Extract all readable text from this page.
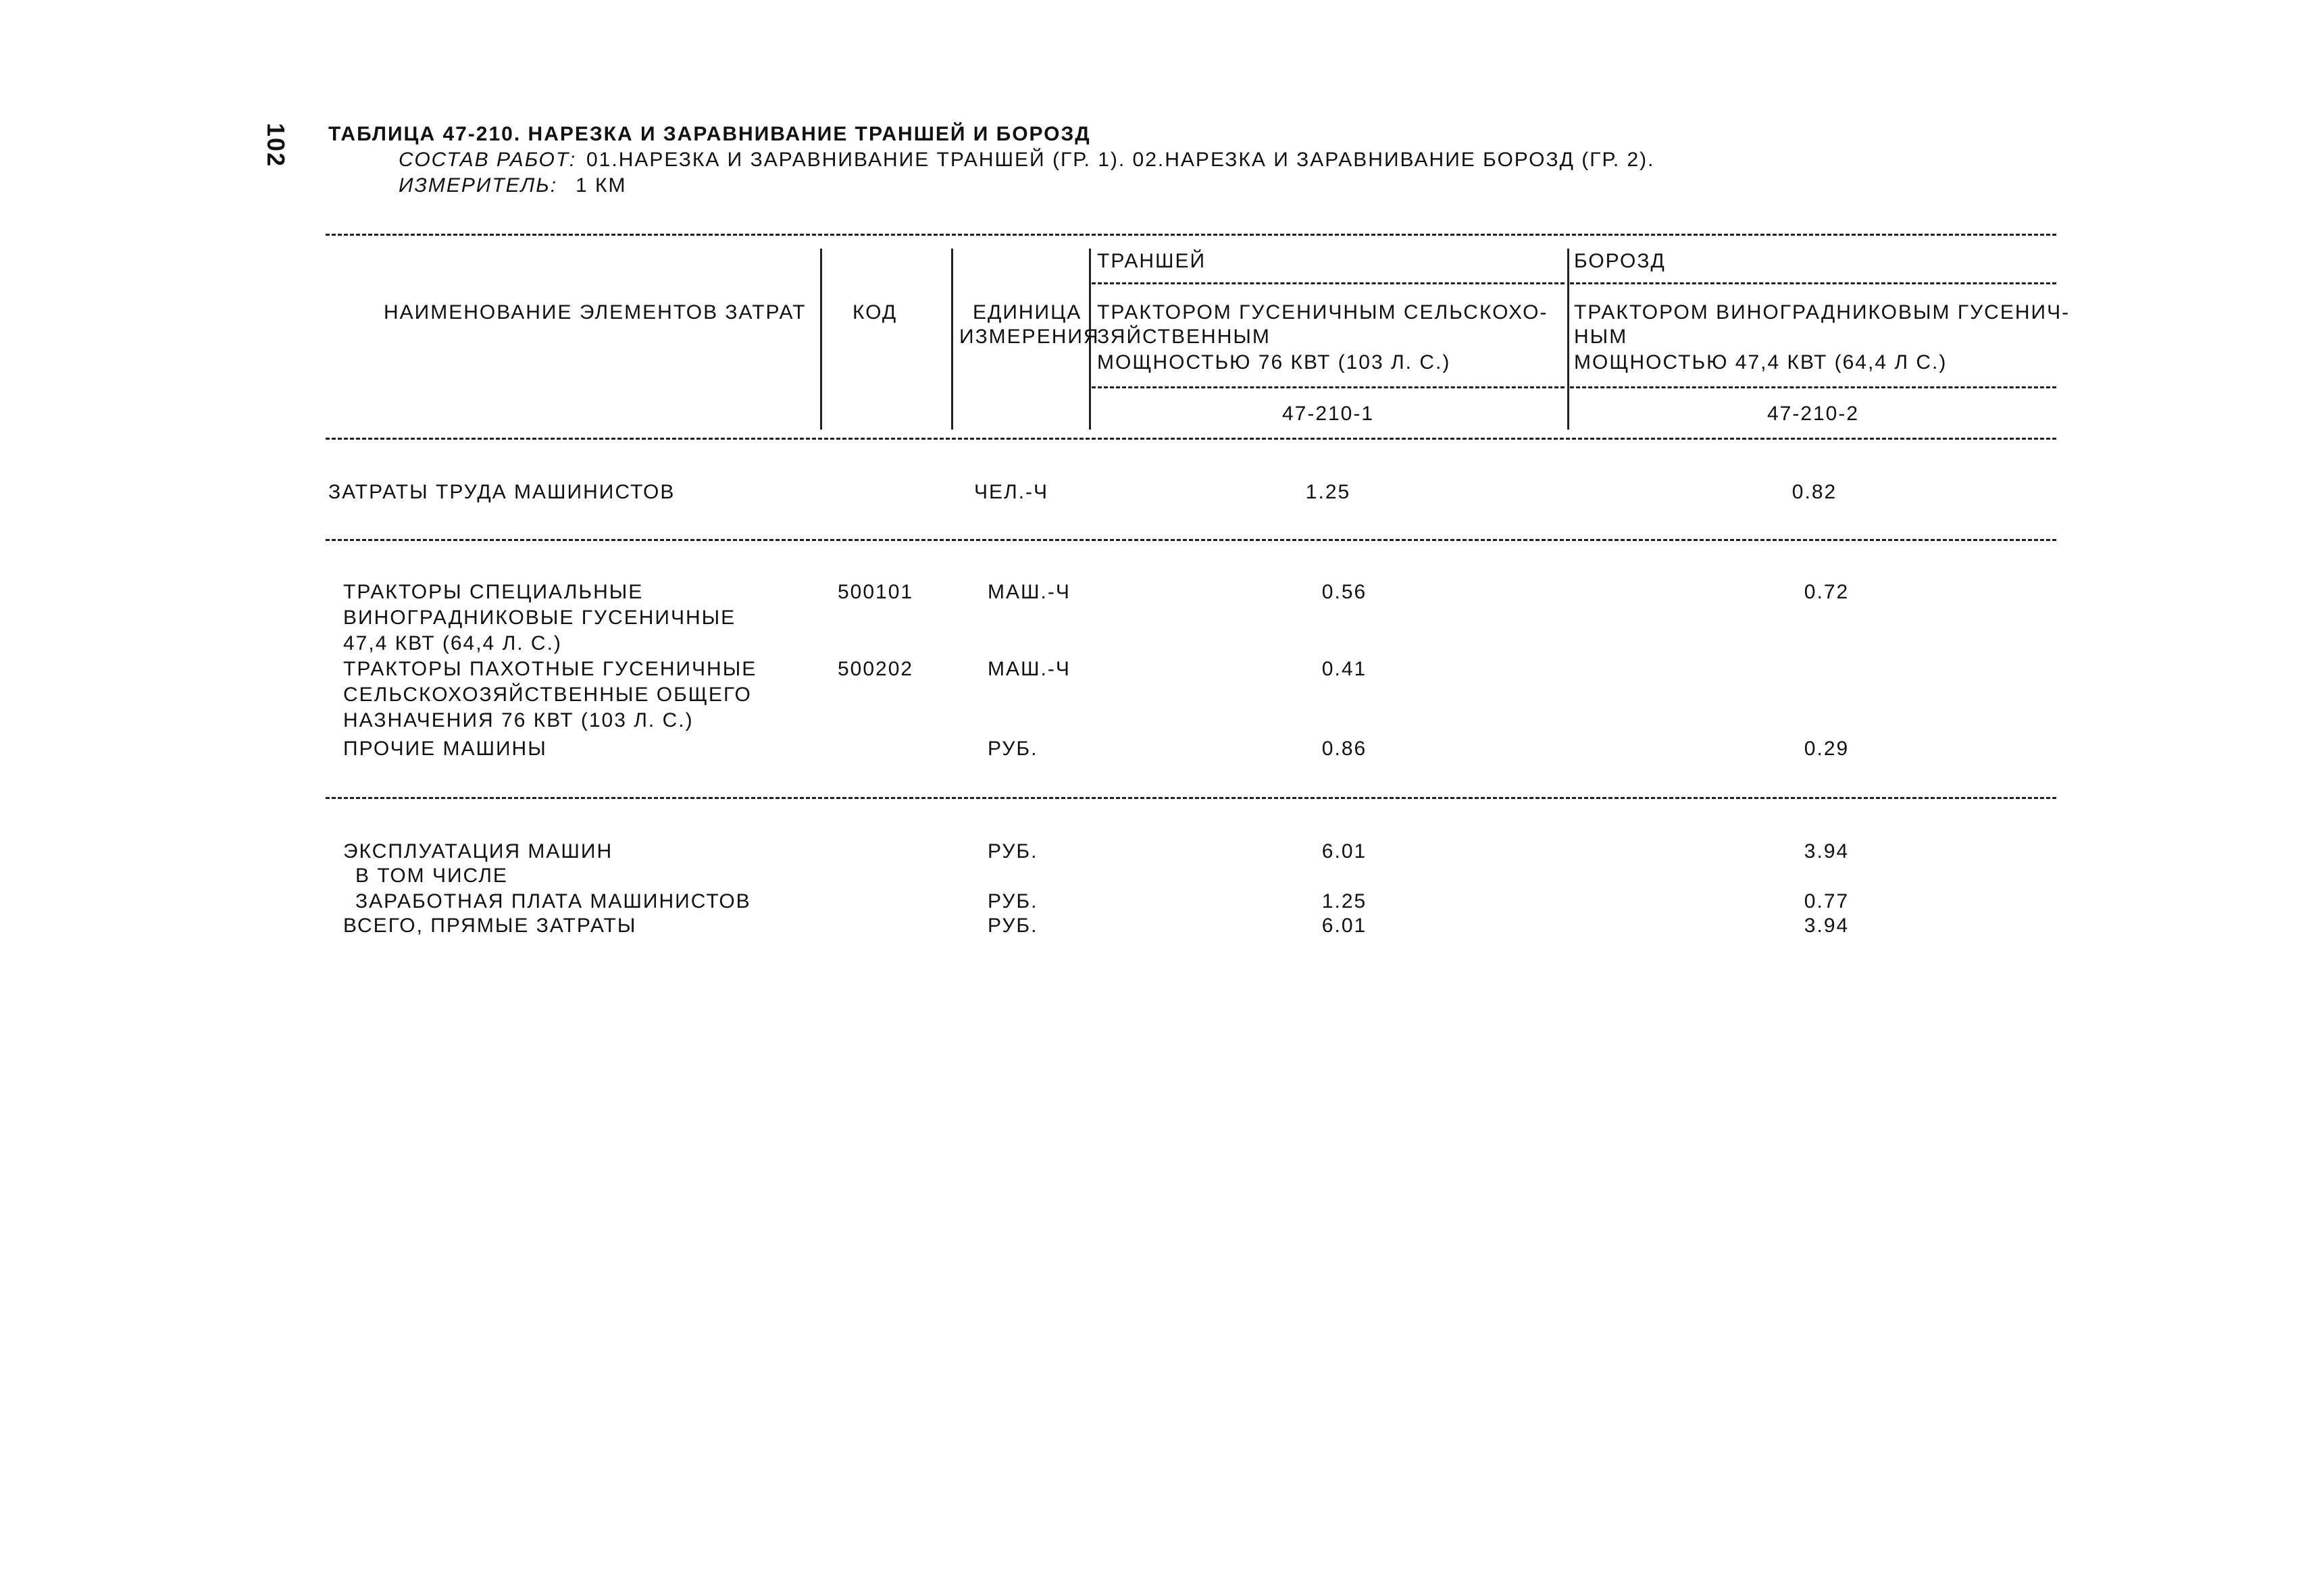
102	ТАБЛИЦА 47-210. НАРЕЗКА И ЗАРАВНИВАНИЕ ТРАНШЕЙ И БОРОЗД
СОСТАВ РАБОТ: 01.НАРЕЗКА И ЗАРАВНИВАНИЕ ТРАНШЕЙ (ГР. 1). 02.НАРЕЗКА И ЗАРАВНИВАНИЕ БОРОЗД (ГР. 2).
ИЗМЕРИТЕЛЬ: 1 КМ
НАИМЕНОВАНИЕ ЭЛЕМЕНТОВ ЗАТРАТ КОД	ЕДИНИЦА
ИЗМЕРЕНИЯ
ТРАНШЕЙ
ТРАКТОРОМ ГУСЕНИЧНЫМ СЕЛЬСКОХО-
ЗЯЙСТВЕННЫМ
МОЩНОСТЬЮ 76 КВТ (103 Л. С.)
47-210-1
БОРОЗД
ТРАКТОРОМ ВИНОГРАДНИКОВЫМ ГУСЕНИЧ-
НЫМ
МОЩНОСТЬЮ 47,4 КВТ (64,4 Л С.)
47-210-2
ЗАТРАТЫ ТРУДА МАШИНИСТОВ	ЧЕЛ.-Ч	1.25	0.82
ТРАКТОРЫ СПЕЦИАЛЬНЫЕ
ВИНОГРАДНИКОВЫЕ ГУСЕНИЧНЫЕ
47,4 КВТ (64,4 Л. С.)
500101	МАШ.-Ч	0.56	0.72
ТРАКТОРЫ ПАХОТНЫЕ ГУСЕНИЧНЫЕ
СЕЛЬСКОХОЗЯЙСТВЕННЫЕ ОБЩЕГО
НАЗНАЧЕНИЯ 76 КВТ (103 Л. С.)
500202	МАШ.-Ч	0.41
ПРОЧИЕ МАШИНЫ	РУБ.	0.86	0.29
ЭКСПЛУАТАЦИЯ МАШИН	РУБ.	6.01	3.94
В ТОМ ЧИСЛЕ
ЗАРАБОТНАЯ ПЛАТА МАШИНИСТОВ	РУБ.	1.25	0.77
ВСЕГО, ПРЯМЫЕ ЗАТРАТЫ	РУБ.	6.01	3.94
